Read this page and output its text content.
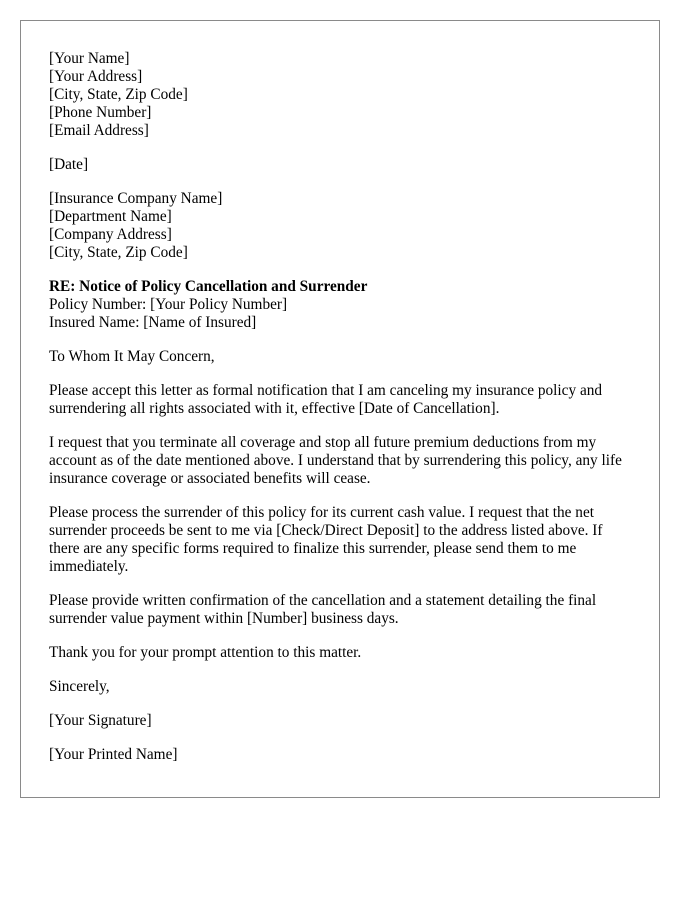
[Your Name]
[Your Address]
[City, State, Zip Code]
[Phone Number]
[Email Address]
[Date]
[Insurance Company Name]
[Department Name]
[Company Address]
[City, State, Zip Code]
RE: Notice of Policy Cancellation and Surrender
Policy Number: [Your Policy Number]
Insured Name: [Name of Insured]

To Whom It May Concern,

Please accept this letter as formal notification that I am canceling my insurance policy and surrendering all rights associated with it, effective [Date of Cancellation].

I request that you terminate all coverage and stop all future premium deductions from my account as of the date mentioned above. I understand that by surrendering this policy, any life insurance coverage or associated benefits will cease.

Please process the surrender of this policy for its current cash value. I request that the net surrender proceeds be sent to me via [Check/Direct Deposit] to the address listed above. If there are any specific forms required to finalize this surrender, please send them to me immediately.

Please provide written confirmation of the cancellation and a statement detailing the final surrender value payment within [Number] business days.

Thank you for your prompt attention to this matter.

Sincerely,

[Your Signature]

[Your Printed Name]
